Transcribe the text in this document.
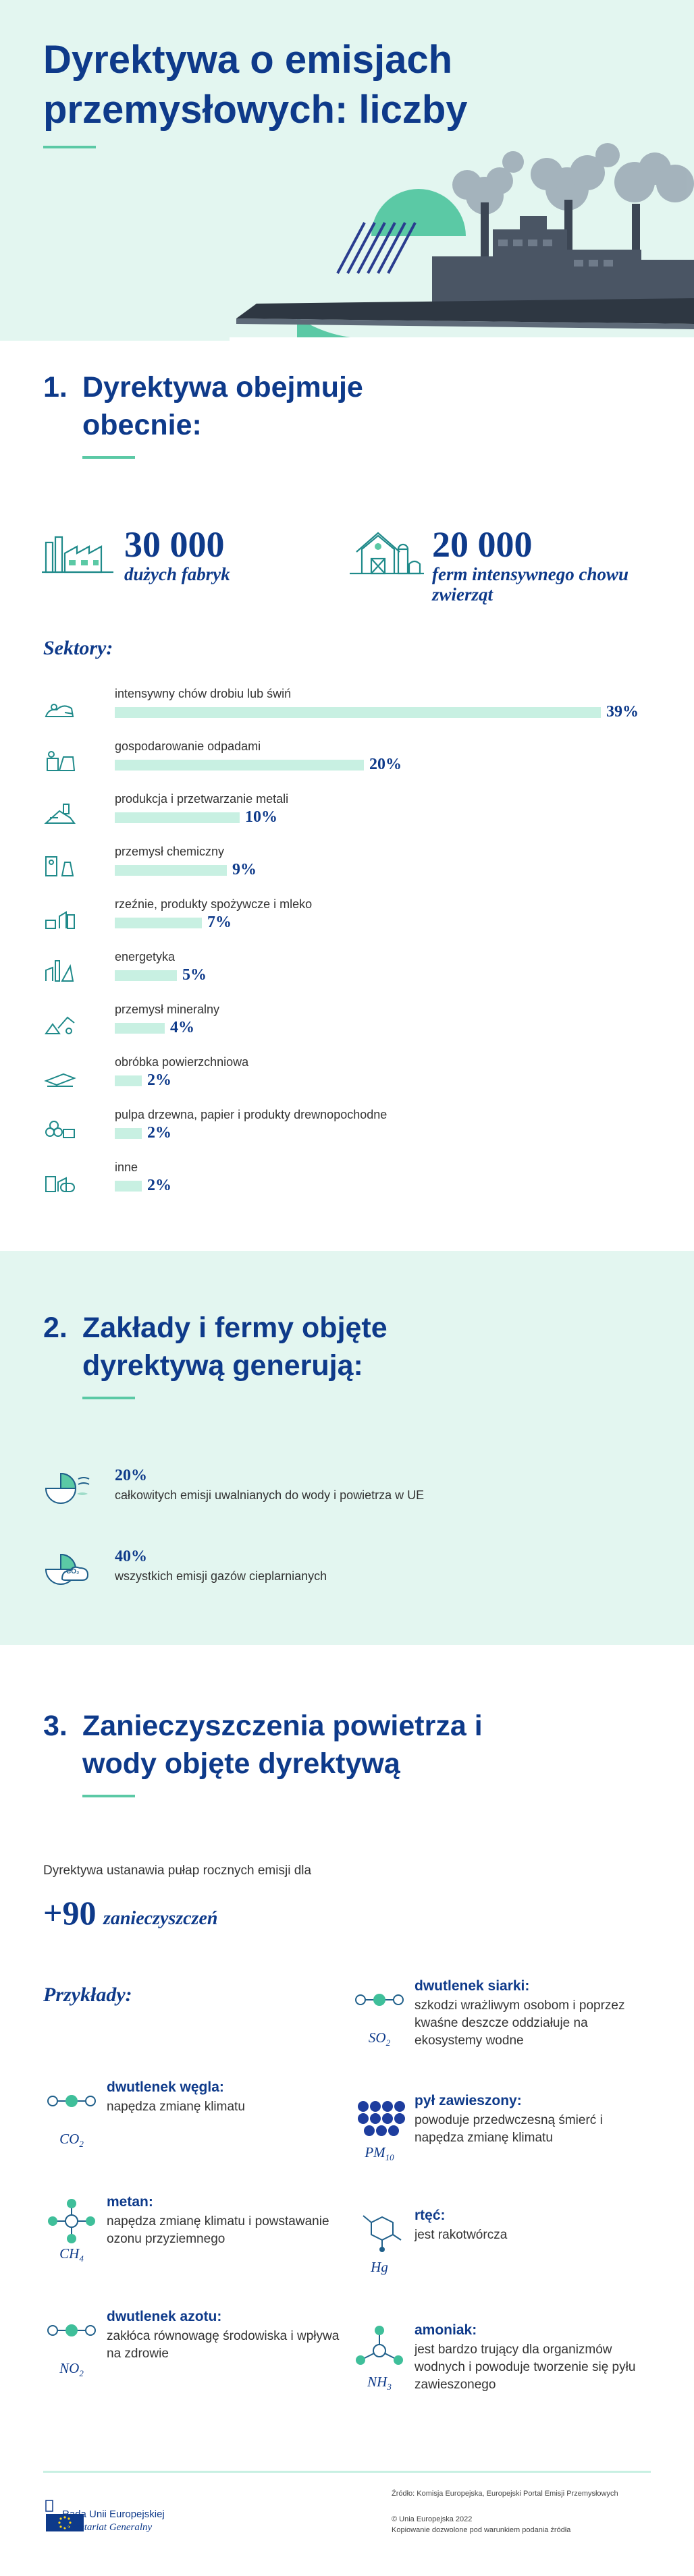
Dyrektywa o emisjach przemysłowych: liczby
1. Dyrektywa obejmuje obecnie:
30 000
dużych fabryk
20 000
ferm intensywnego chowu zwierząt
Sektory:
intensywny chów drobiu lub świń
39%
gospodarowanie odpadami
20%
produkcja i przetwarzanie metali
10%
przemysł chemiczny
9%
rzeźnie, produkty spożywcze i mleko
7%
energetyka
5%
przemysł mineralny
4%
obróbka powierzchniowa
2%
pulpa drzewna, papier i produkty drewnopochodne
2%
inne
2%
2. Zakłady i fermy objęte dyrektywą generują:
20%
całkowitych emisji uwalnianych do wody i powietrza w UE
CO₂
40%
wszystkich emisji gazów cieplarnianych
3. Zanieczyszczenia powietrza i wody objęte dyrektywą
Dyrektywa ustanawia pułap rocznych emisji dla
+90 zanieczyszczeń
Przykłady:
$SO_2$
dwutlenek siarki:
szkodzi wrażliwym osobom i poprzez kwaśne deszcze oddziałuje na ekosystemy wodne
$CO_2$
dwutlenek węgla:
napędza zmianę klimatu
$PM_{10}$
pył zawieszony:
powoduje przedwczesną śmierć i napędza zmianę klimatu
$CH_4$
metan:
napędza zmianę klimatu i powstawanie ozonu przyziemnego
Hg
rtęć:
jest rakotwórcza
$NO_2$
dwutlenek azotu:
zakłóca równowagę środowiska i wpływa na zdrowie
$NH_3$
amoniak:
jest bardzo trujący dla organizmów wodnych i powoduje tworzenie się pyłu zawieszonego
Rada Unii Europejskiej
Sekretariat Generalny
Źródło: Komisja Europejska, Europejski Portal Emisji Przemysłowych
© Unia Europejska 2022
Kopiowanie dozwolone pod warunkiem podania źródła
